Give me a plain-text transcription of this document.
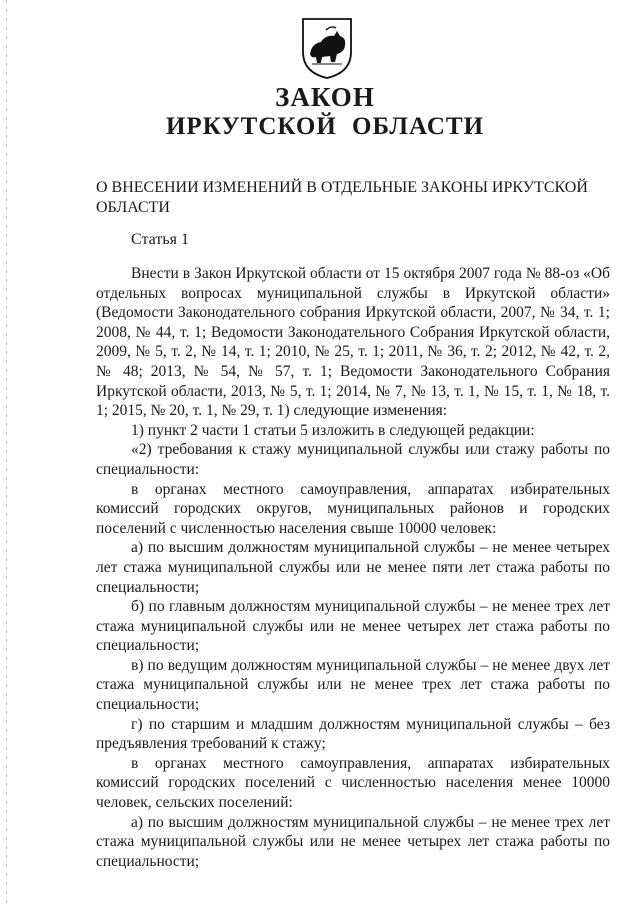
ЗАКОН
ИРКУТСКОЙ ОБЛАСТИ
О ВНЕСЕНИИ ИЗМЕНЕНИЙ В ОТДЕЛЬНЫЕ ЗАКОНЫ ИРКУТСКОЙ ОБЛАСТИ
Статья 1

Внести в Закон Иркутской области от 15 октября 2007 года № 88-оз «Об отдельных вопросах муниципальной службы в Иркутской области» (Ведомости Законодательного собрания Иркутской области, 2007, № 34, т. 1; 2008, № 44, т. 1; Ведомости Законодательного Собрания Иркутской области, 2009, № 5, т. 2, № 14, т. 1; 2010, № 25, т. 1; 2011, № 36, т. 2; 2012, № 42, т. 2, № 48; 2013, № 54, № 57, т. 1; Ведомости Законодательного Собрания Иркутской области, 2013, № 5, т. 1; 2014, № 7, № 13, т. 1, № 15, т. 1, № 18, т. 1; 2015, № 20, т. 1, № 29, т. 1) следующие изменения:

1) пункт 2 части 1 статьи 5 изложить в следующей редакции:

«2) требования к стажу муниципальной службы или стажу работы по специальности:

в органах местного самоуправления, аппаратах избирательных комиссий городских округов, муниципальных районов и городских поселений с численностью населения свыше 10000 человек:

а) по высшим должностям муниципальной службы – не менее четырех лет стажа муниципальной службы или не менее пяти лет стажа работы по специальности;

б) по главным должностям муниципальной службы – не менее трех лет стажа муниципальной службы или не менее четырех лет стажа работы по специальности;

в) по ведущим должностям муниципальной службы – не менее двух лет стажа муниципальной службы или не менее трех лет стажа работы по специальности;

г) по старшим и младшим должностям муниципальной службы – без предъявления требований к стажу;

в органах местного самоуправления, аппаратах избирательных комиссий городских поселений с численностью населения менее 10000 человек, сельских поселений:

а) по высшим должностям муниципальной службы – не менее трех лет стажа муниципальной службы или не менее четырех лет стажа работы по специальности;
